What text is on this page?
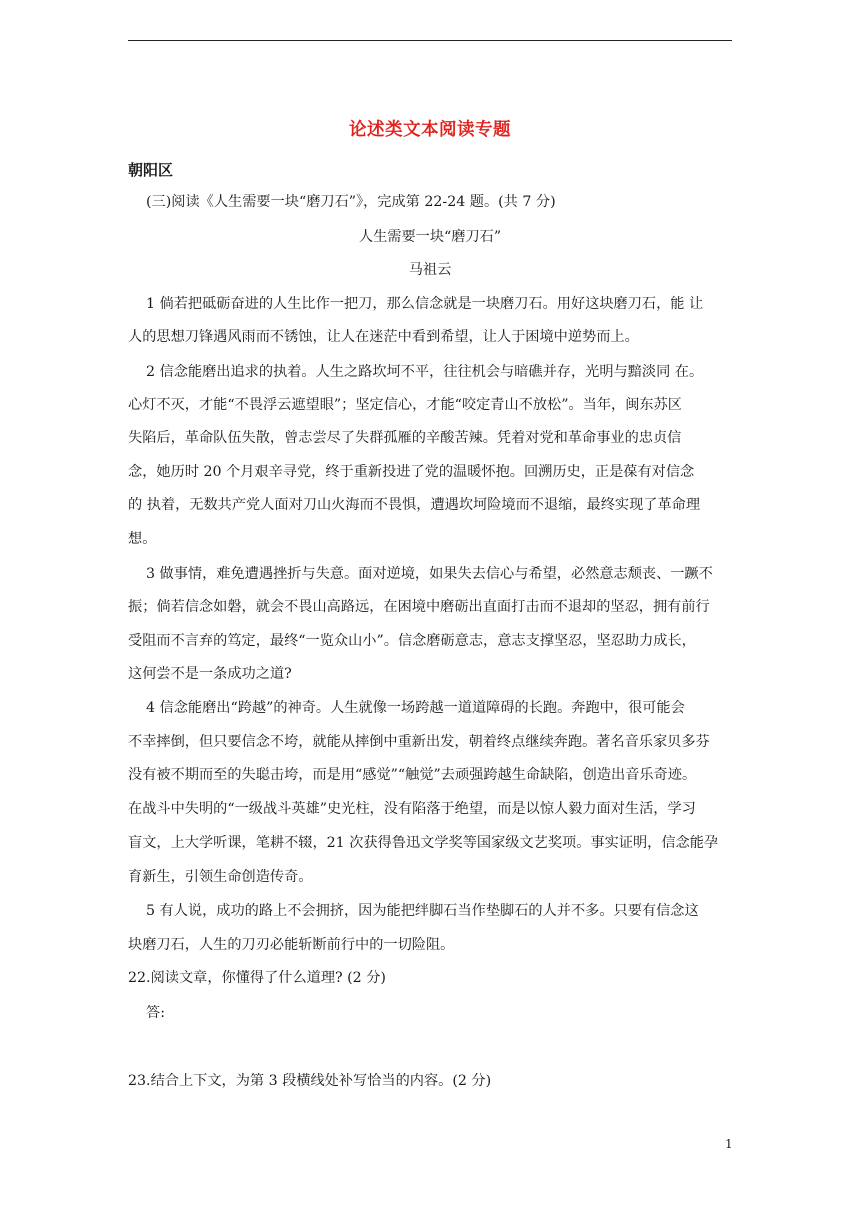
论述类文本阅读专题
朝阳区
(三)阅读《人生需要一块“磨刀石”》，完成第 22-24 题。(共 7 分)
人生需要一块“磨刀石”
马祖云
1 倘若把砥砺奋进的人生比作一把刀，那么信念就是一块磨刀石。用好这块磨刀石，能 让
人的思想刀锋遇风雨而不锈蚀，让人在迷茫中看到希望，让人于困境中逆势而上。
2 信念能磨出追求的执着。人生之路坎坷不平，往往机会与暗礁并存，光明与黯淡同 在。
心灯不灭，才能“不畏浮云遮望眼”；坚定信心，才能“咬定青山不放松”。当年，闽东苏区
失陷后，革命队伍失散，曾志尝尽了失群孤雁的辛酸苦辣。凭着对党和革命事业的忠贞信
念，她历时 20 个月艰辛寻党，终于重新投进了党的温暖怀抱。回溯历史，正是葆有对信念
的 执着，无数共产党人面对刀山火海而不畏惧，遭遇坎坷险境而不退缩，最终实现了革命理
想。
3 做事情，难免遭遇挫折与失意。面对逆境，如果失去信心与希望，必然意志颓丧、一蹶不
振；倘若信念如磐，就会不畏山高路远，在困境中磨砺出直面打击而不退却的坚忍，拥有前行
受阻而不言弃的笃定，最终“一览众山小”。信念磨砺意志，意志支撑坚忍，坚忍助力成长，
这何尝不是一条成功之道?
4 信念能磨出“跨越”的神奇。人生就像一场跨越一道道障碍的长跑。奔跑中，很可能会
不幸摔倒，但只要信念不垮，就能从摔倒中重新出发，朝着终点继续奔跑。著名音乐家贝多芬
没有被不期而至的失聪击垮，而是用“感觉”“触觉”去顽强跨越生命缺陷，创造出音乐奇迹。
在战斗中失明的“一级战斗英雄”史光柱，没有陷落于绝望，而是以惊人毅力面对生活，学习
盲文，上大学听课，笔耕不辍，21 次获得鲁迅文学奖等国家级文艺奖项。事实证明，信念能孕
育新生，引领生命创造传奇。
5 有人说，成功的路上不会拥挤，因为能把绊脚石当作垫脚石的人并不多。只要有信念这
块磨刀石，人生的刀刃必能斩断前行中的一切险阻。
22.阅读文章，你懂得了什么道理? (2 分)
答:
23.结合上下文，为第 3 段横线处补写恰当的内容。(2 分)
1
